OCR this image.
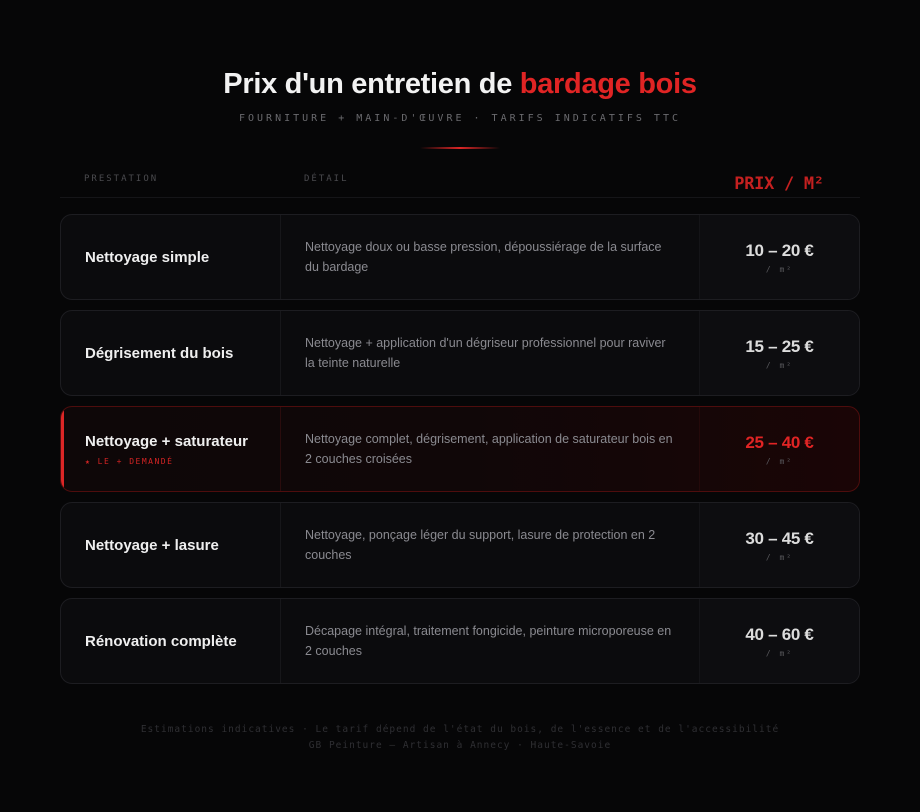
Prix d'un entretien de bardage bois
FOURNITURE + MAIN-D'ŒUVRE · TARIFS INDICATIFS TTC
PRESTATION	DÉTAIL	PRIX / M²
Nettoyage simple
Nettoyage doux ou basse pression, dépoussiérage de la surface du bardage
10 – 20 €
/ m²
Dégrisement du bois
Nettoyage + application d'un dégriseur professionnel pour raviver la teinte naturelle
15 – 25 €
/ m²
Nettoyage + saturateur
★ LE + DEMANDÉ
Nettoyage complet, dégrisement, application de saturateur bois en 2 couches croisées
25 – 40 €
/ m²
Nettoyage + lasure
Nettoyage, ponçage léger du support, lasure de protection en 2 couches
30 – 45 €
/ m²
Rénovation complète
Décapage intégral, traitement fongicide, peinture microporeuse en 2 couches
40 – 60 €
/ m²
Estimations indicatives · Le tarif dépend de l'état du bois, de l'essence et de l'accessibilité
GB Peinture — Artisan à Annecy · Haute-Savoie
